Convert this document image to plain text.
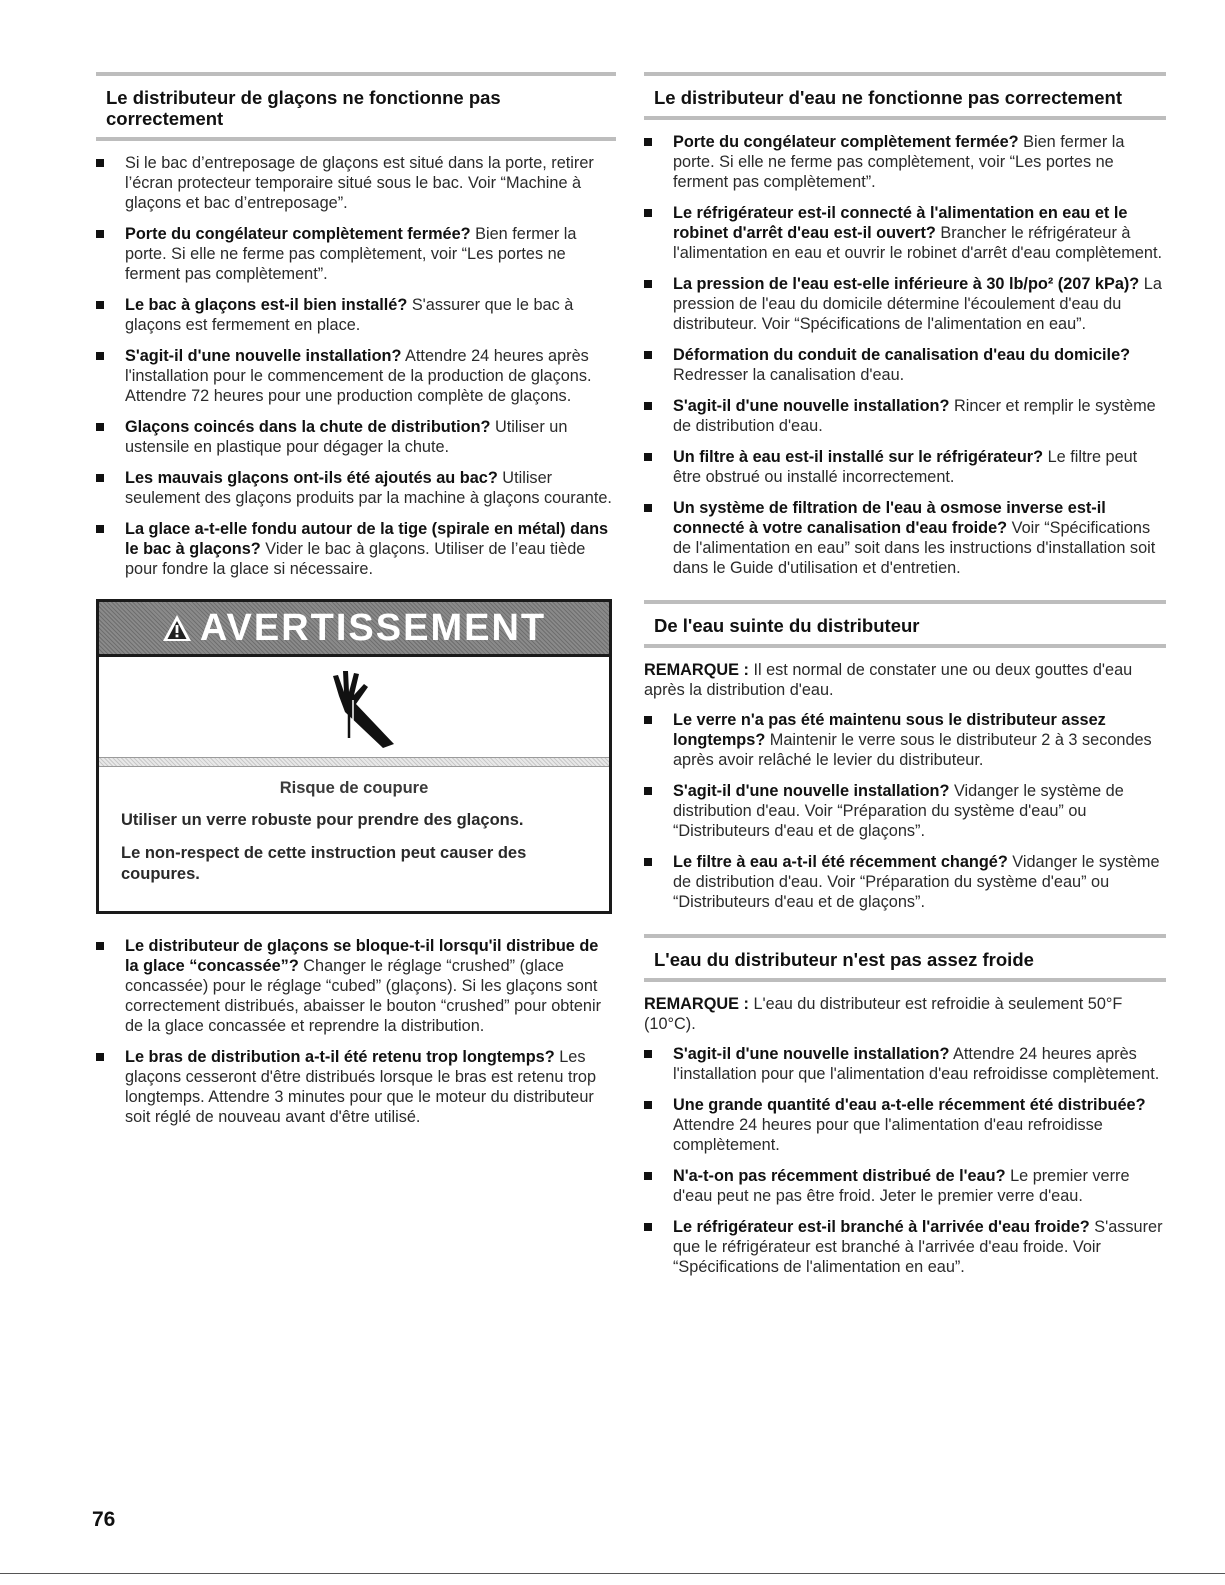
Le distributeur de glaçons ne fonctionne pas correctement
Si le bac d’entreposage de glaçons est situé dans la porte, retirer l’écran protecteur temporaire situé sous le bac. Voir “Machine à glaçons et bac d’entreposage”.
Porte du congélateur complètement fermée? Bien fermer la porte. Si elle ne ferme pas complètement, voir “Les portes ne ferment pas complètement”.
Le bac à glaçons est-il bien installé? S'assurer que le bac à glaçons est fermement en place.
S'agit-il d'une nouvelle installation? Attendre 24 heures après l'installation pour le commencement de la production de glaçons. Attendre 72 heures pour une production complète de glaçons.
Glaçons coincés dans la chute de distribution? Utiliser un ustensile en plastique pour dégager la chute.
Les mauvais glaçons ont-ils été ajoutés au bac? Utiliser seulement des glaçons produits par la machine à glaçons courante.
La glace a-t-elle fondu autour de la tige (spirale en métal) dans le bac à glaçons? Vider le bac à glaçons. Utiliser de l’eau tiède pour fondre la glace si nécessaire.
AVERTISSEMENT

Risque de coupure

Utiliser un verre robuste pour prendre des glaçons.

Le non-respect de cette instruction peut causer des coupures.

Le distributeur de glaçons se bloque-t-il lorsqu'il distribue de la glace “concassée”? Changer le réglage “crushed” (glace concassée) pour le réglage “cubed” (glaçons). Si les glaçons sont correctement distribués, abaisser le bouton “crushed” pour obtenir de la glace concassée et reprendre la distribution.
Le bras de distribution a-t-il été retenu trop longtemps? Les glaçons cesseront d'être distribués lorsque le bras est retenu trop longtemps. Attendre 3 minutes pour que le moteur du distributeur soit réglé de nouveau avant d'être utilisé.
Le distributeur d'eau ne fonctionne pas correctement
Porte du congélateur complètement fermée? Bien fermer la porte. Si elle ne ferme pas complètement, voir “Les portes ne ferment pas complètement”.
Le réfrigérateur est-il connecté à l'alimentation en eau et le robinet d'arrêt d'eau est-il ouvert? Brancher le réfrigérateur à l'alimentation en eau et ouvrir le robinet d'arrêt d'eau complètement.
La pression de l'eau est-elle inférieure à 30 lb/po² (207 kPa)? La pression de l'eau du domicile détermine l'écoulement d'eau du distributeur. Voir “Spécifications de l'alimentation en eau”.
Déformation du conduit de canalisation d'eau du domicile? Redresser la canalisation d'eau.
S'agit-il d'une nouvelle installation? Rincer et remplir le système de distribution d'eau.
Un filtre à eau est-il installé sur le réfrigérateur? Le filtre peut être obstrué ou installé incorrectement.
Un système de filtration de l'eau à osmose inverse est-il connecté à votre canalisation d'eau froide? Voir “Spécifications de l'alimentation en eau” soit dans les instructions d'installation soit dans le Guide d'utilisation et d'entretien.
De l'eau suinte du distributeur

REMARQUE : Il est normal de constater une ou deux gouttes d'eau après la distribution d'eau.

Le verre n'a pas été maintenu sous le distributeur assez longtemps? Maintenir le verre sous le distributeur 2 à 3 secondes après avoir relâché le levier du distributeur.
S'agit-il d'une nouvelle installation? Vidanger le système de distribution d'eau. Voir “Préparation du système d'eau” ou “Distributeurs d'eau et de glaçons”.
Le filtre à eau a-t-il été récemment changé? Vidanger le système de distribution d'eau. Voir “Préparation du système d'eau” ou “Distributeurs d'eau et de glaçons”.
L'eau du distributeur n'est pas assez froide

REMARQUE : L'eau du distributeur est refroidie à seulement 50°F (10°C).

S'agit-il d'une nouvelle installation? Attendre 24 heures après l'installation pour que l'alimentation d'eau refroidisse complètement.
Une grande quantité d'eau a-t-elle récemment été distribuée? Attendre 24 heures pour que l'alimentation d'eau refroidisse complètement.
N'a-t-on pas récemment distribué de l'eau? Le premier verre d'eau peut ne pas être froid. Jeter le premier verre d'eau.
Le réfrigérateur est-il branché à l'arrivée d'eau froide? S'assurer que le réfrigérateur est branché à l'arrivée d'eau froide. Voir “Spécifications de l'alimentation en eau”.
76
